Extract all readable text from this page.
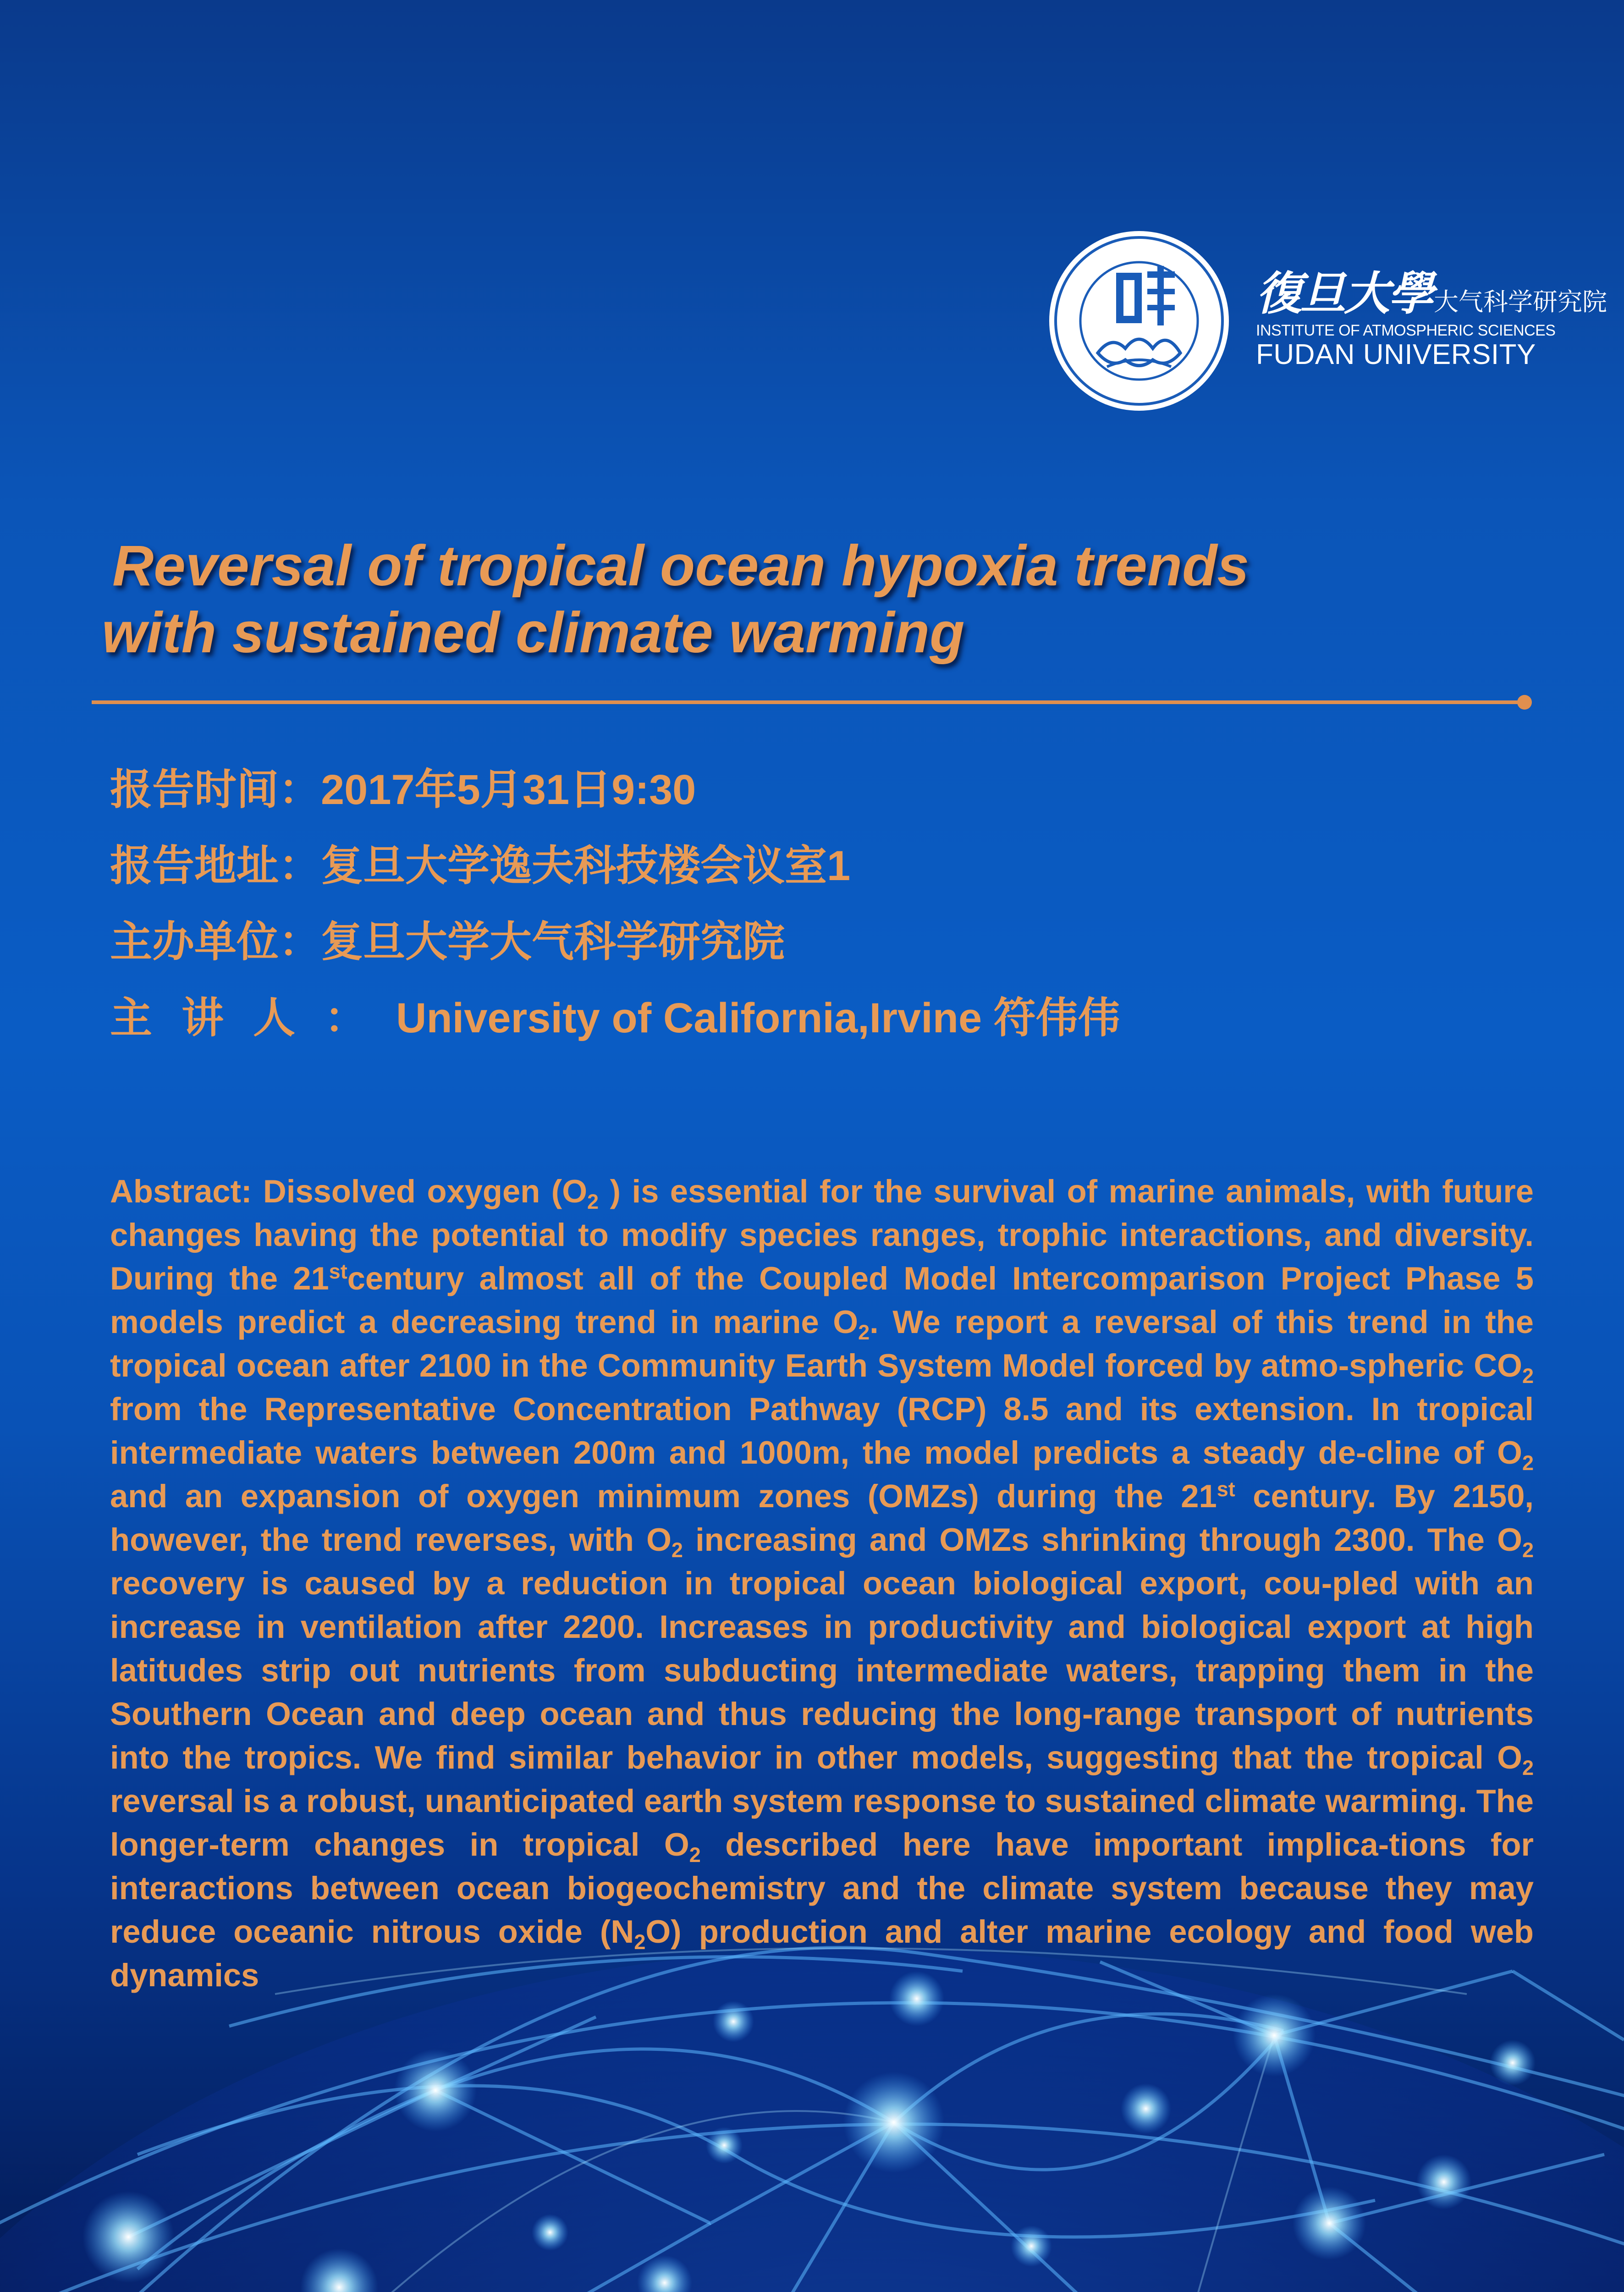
復旦大學 大气科学研究院
INSTITUTE OF ATMOSPHERIC SCIENCES
FUDAN UNIVERSITY
Reversal of tropical ocean hypoxia trends
with sustained climate warming
报告时间：2017年5月31日9:30
报告地址：复旦大学逸夫科技楼会议室1
主办单位：复旦大学大气科学研究院
主讲人：University of California,Irvine 符伟伟

Abstract: Dissolved oxygen ($O_2$ ) is essential for the survival of marine animals, with future changes having the potential to modify species ranges, trophic interactions, and diversity. During the 21stcentury almost all of the Coupled Model Intercomparison Project Phase 5 models predict a decreasing trend in marine $O_2$. We report a reversal of this trend in the tropical ocean after 2100 in the Community Earth System Model forced by atmo-spheric $CO_2$ from the Representative Concentration Pathway (RCP) 8.5 and its extension. In tropical intermediate waters between 200m and 1000m, the model predicts a steady de-cline of $O_2$ and an expansion of oxygen minimum zones (OMZs) during the 21st century. By 2150, however, the trend reverses, with $O_2$ increasing and OMZs shrinking through 2300. The $O_2$ recovery is caused by a reduction in tropical ocean biological export, cou-pled with an increase in ventilation after 2200. Increases in productivity and biological export at high latitudes strip out nutrients from subducting intermediate waters, trapping them in the Southern Ocean and deep ocean and thus reducing the long-range transport of nutrients into the tropics. We find similar behavior in other models, suggesting that the tropical $O_2$ reversal is a robust, unanticipated earth system response to sustained climate warming. The longer-term changes in tropical $O_2$ described here have important implica-tions for interactions between ocean biogeochemistry and the climate system because they may reduce oceanic nitrous oxide $(N_2O)$ production and alter marine ecology and food web dynamics
